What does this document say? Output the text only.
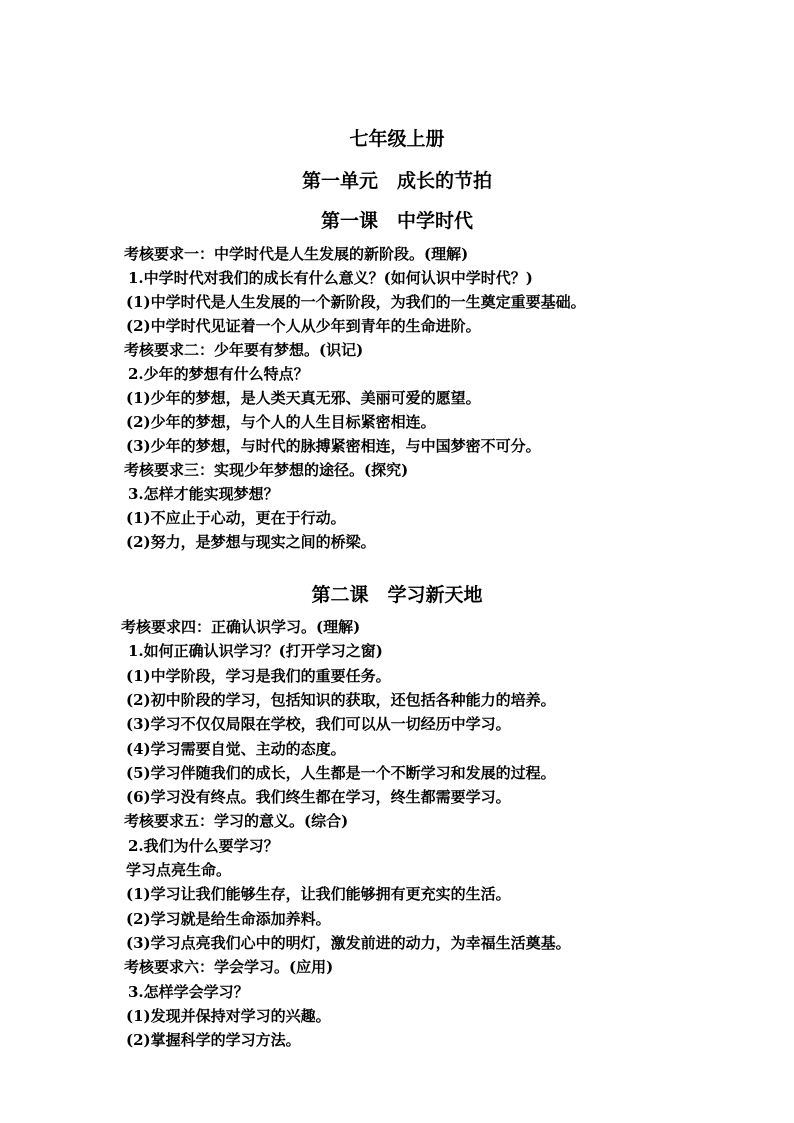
七年级上册
第一单元　成长的节拍
第一课　中学时代
考核要求一：中学时代是人生发展的新阶段。(理解)
1.中学时代对我们的成长有什么意义？(如何认识中学时代？)
(1)中学时代是人生发展的一个新阶段，为我们的一生奠定重要基础。
(2)中学时代见证着一个人从少年到青年的生命进阶。
考核要求二：少年要有梦想。(识记)
2.少年的梦想有什么特点？
(1)少年的梦想，是人类天真无邪、美丽可爱的愿望。
(2)少年的梦想，与个人的人生目标紧密相连。
(3)少年的梦想，与时代的脉搏紧密相连，与中国梦密不可分。
考核要求三：实现少年梦想的途径。(探究)
3.怎样才能实现梦想？
(1)不应止于心动，更在于行动。
(2)努力，是梦想与现实之间的桥梁。
第二课　学习新天地
考核要求四：正确认识学习。(理解)
1.如何正确认识学习？(打开学习之窗)
(1)中学阶段，学习是我们的重要任务。
(2)初中阶段的学习，包括知识的获取，还包括各种能力的培养。
(3)学习不仅仅局限在学校，我们可以从一切经历中学习。
(4)学习需要自觉、主动的态度。
(5)学习伴随我们的成长，人生都是一个不断学习和发展的过程。
(6)学习没有终点。我们终生都在学习，终生都需要学习。
考核要求五：学习的意义。(综合)
2.我们为什么要学习？
学习点亮生命。
(1)学习让我们能够生存，让我们能够拥有更充实的生活。
(2)学习就是给生命添加养料。
(3)学习点亮我们心中的明灯，激发前进的动力，为幸福生活奠基。
考核要求六：学会学习。(应用)
3.怎样学会学习？
(1)发现并保持对学习的兴趣。
(2)掌握科学的学习方法。
